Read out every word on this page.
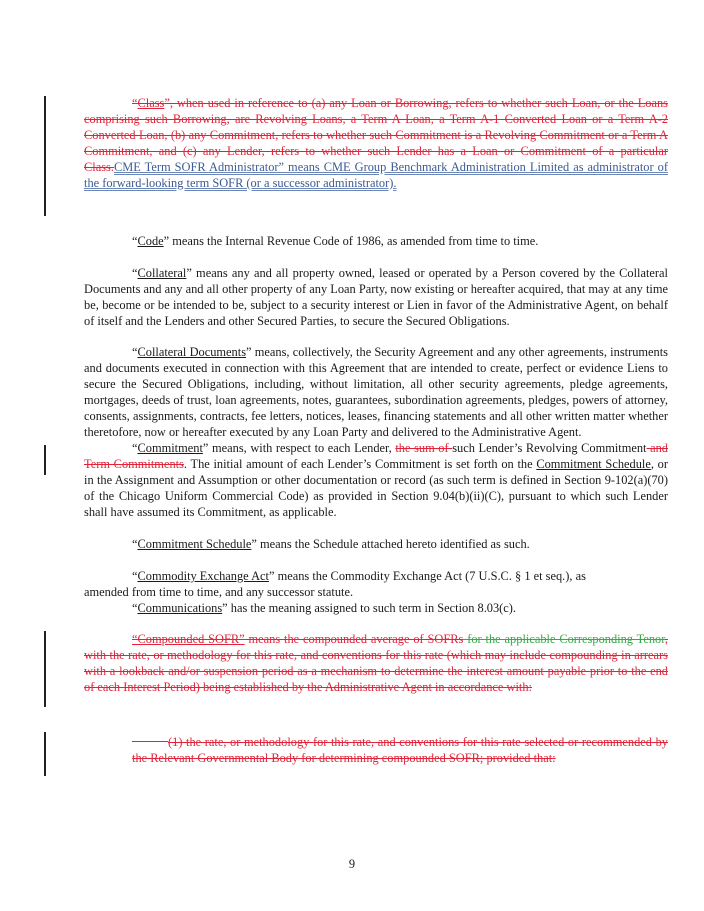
“Class”, when used in reference to (a) any Loan or Borrowing, refers to whether such Loan, or the Loans comprising such Borrowing, are Revolving Loans, a Term A Loan, a Term A-1 Converted Loan or a Term A-2 Converted Loan, (b) any Commitment, refers to whether such Commitment is a Revolving Commitment or a Term A Commitment, and (c) any Lender, refers to whether such Lender has a Loan or Commitment of a particular Class.CME Term SOFR Administrator” means CME Group Benchmark Administration Limited as administrator of the forward-looking term SOFR (or a successor administrator).

“Code” means the Internal Revenue Code of 1986, as amended from time to time.

“Collateral” means any and all property owned, leased or operated by a Person covered by the Collateral Documents and any and all other property of any Loan Party, now existing or hereafter acquired, that may at any time be, become or be intended to be, subject to a security interest or Lien in favor of the Administrative Agent, on behalf of itself and the Lenders and other Secured Parties, to secure the Secured Obligations.

“Collateral Documents” means, collectively, the Security Agreement and any other agreements, instruments and documents executed in connection with this Agreement that are intended to create, perfect or evidence Liens to secure the Secured Obligations, including, without limitation, all other security agreements, pledge agreements, mortgages, deeds of trust, loan agreements, notes, guarantees, subordination agreements, pledges, powers of attorney, consents, assignments, contracts, fee letters, notices, leases, financing statements and all other written matter whether theretofore, now or hereafter executed by any Loan Party and delivered to the Administrative Agent.

“Commitment” means, with respect to each Lender, the sum of such Lender’s Revolving Commitment and Term Commitments. The initial amount of each Lender’s Commitment is set forth on the Commitment Schedule, or in the Assignment and Assumption or other documentation or record (as such term is defined in Section 9-102(a)(70) of the Chicago Uniform Commercial Code) as provided in Section 9.04(b)(ii)(C), pursuant to which such Lender shall have assumed its Commitment, as applicable.

“Commitment Schedule” means the Schedule attached hereto identified as such.

“Commodity Exchange Act” means the Commodity Exchange Act (7 U.S.C. § 1 et seq.), as
amended from time to time, and any successor statute.

“Communications” has the meaning assigned to such term in Section 8.03(c).

“Compounded SOFR” means the compounded average of SOFRs for the applicable Corresponding Tenor, with the rate, or methodology for this rate, and conventions for this rate (which may include compounding in arrears with a lookback and/or suspension period as a mechanism to determine the interest amount payable prior to the end of each Interest Period) being established by the Administrative Agent in accordance with:

(1) the rate, or methodology for this rate, and conventions for this rate selected or recommended by the Relevant Governmental Body for determining compounded SOFR; provided that:

9
